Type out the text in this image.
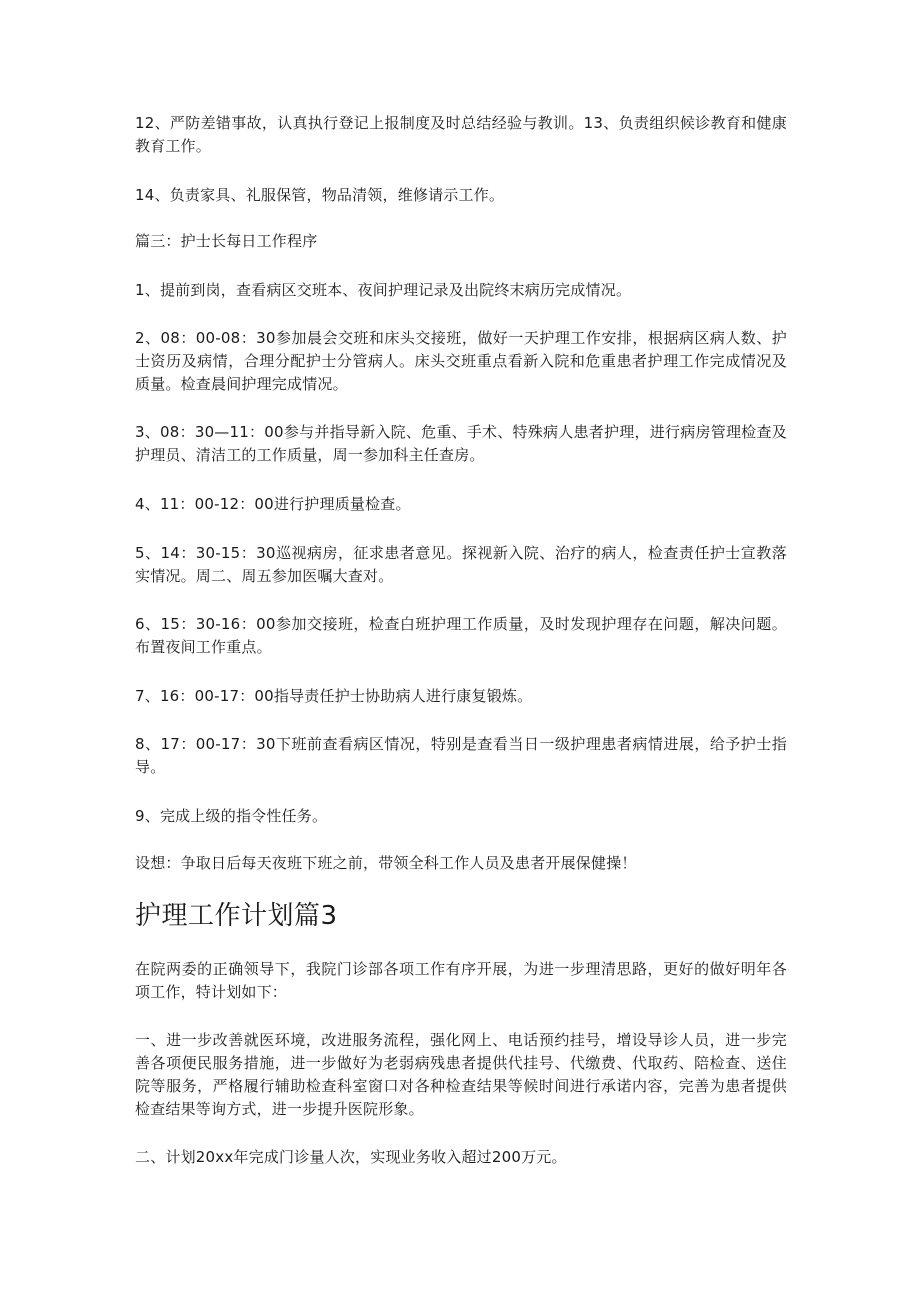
12、严防差错事故，认真执行登记上报制度及时总结经验与教训。13、负责组织候诊教育和健康教育工作。

14、负责家具、礼服保管，物品清领，维修请示工作。

篇三：护士长每日工作程序

1、提前到岗，查看病区交班本、夜间护理记录及出院终末病历完成情况。

2、08：00-08：30参加晨会交班和床头交接班，做好一天护理工作安排，根据病区病人数、护士资历及病情，合理分配护士分管病人。床头交班重点看新入院和危重患者护理工作完成情况及质量。检查晨间护理完成情况。

3、08：30—11：00参与并指导新入院、危重、手术、特殊病人患者护理，进行病房管理检查及护理员、清洁工的工作质量，周一参加科主任查房。

4、11：00-12：00进行护理质量检查。

5、14：30-15：30巡视病房，征求患者意见。探视新入院、治疗的病人，检查责任护士宣教落实情况。周二、周五参加医嘱大查对。

6、15：30-16：00参加交接班，检查白班护理工作质量，及时发现护理存在问题，解决问题。布置夜间工作重点。

7、16：00-17：00指导责任护士协助病人进行康复锻炼。

8、17：00-17：30下班前查看病区情况，特别是查看当日一级护理患者病情进展，给予护士指导。

9、完成上级的指令性任务。

设想：争取日后每天夜班下班之前，带领全科工作人员及患者开展保健操！

护理工作计划篇3

在院两委的正确领导下，我院门诊部各项工作有序开展，为进一步理清思路，更好的做好明年各项工作，特计划如下：

一、进一步改善就医环境，改进服务流程，强化网上、电话预约挂号，增设导诊人员，进一步完善各项便民服务措施，进一步做好为老弱病残患者提供代挂号、代缴费、代取药、陪检查、送住院等服务，严格履行辅助检查科室窗口对各种检查结果等候时间进行承诺内容，完善为患者提供检查结果等询方式，进一步提升医院形象。

二、计划20xx年完成门诊量人次，实现业务收入超过200万元。
